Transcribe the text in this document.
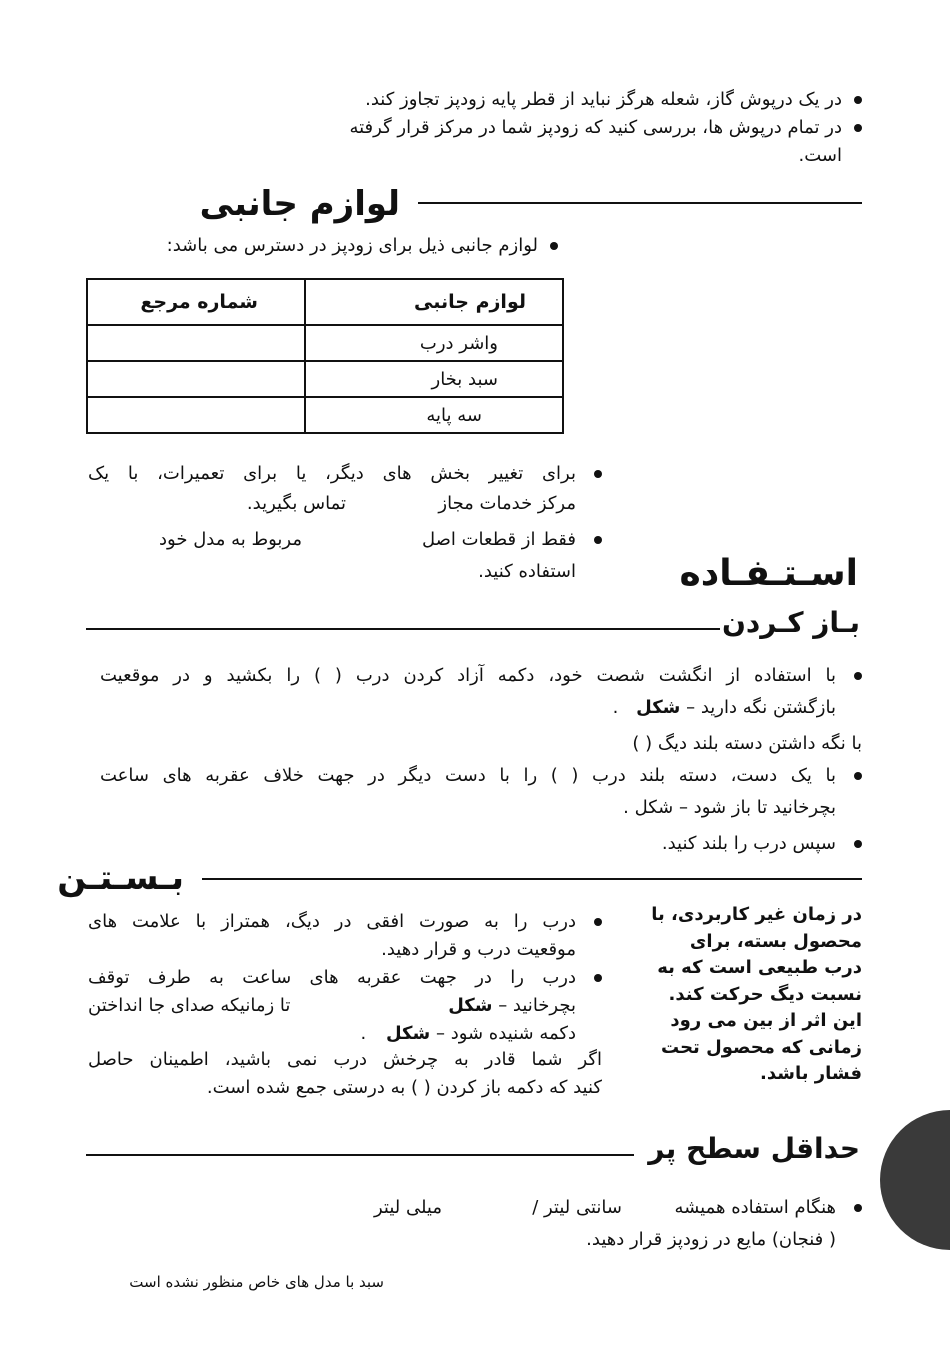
در یک درپوش گاز، شعله هرگز نباید از قطر پایه زودپز تجاوز کند.
در تمام درپوش ها، بررسی کنید که زودپز شما در مرکز قرار گرفته
است.
لوازم جانبی
لوازم جانبی ذیل برای زودپز در دسترس می باشد:
لوازم جانبی	شماره مرجع
واشر درب	
سبد بخار	
سه پایه	
برای تغییر بخش های دیگر، یا برای تعمیرات، با یک
مرکز خدمات مجاز
تماس بگیرید.
فقط از قطعات اصل
مربوط به مدل خود
استفاده کنید.	اسـتـفـاده
بـاز کـردن
با استفاده از انگشت شصت خود، دکمه آزاد کردن درب ( ) را بکشید و در موقعیت
بازگشتن نگه دارید – شکل .
با نگه داشتن دسته بلند دیگ ( )
با یک دست، دسته بلند درب ( ) را با دست دیگر در جهت خلاف عقربه های ساعت
بچرخانید تا باز شود – شکل .
سپس درب را بلند کنید.
بـسـتـن
درب را به صورت افقی در دیگ، همتراز با علامت های
موقعیت درب و قرار دهید.
درب را در جهت عقربه های ساعت به طرف توقف
بچرخانید – شکل
تا زمانیکه صدای جا انداختن
دکمه شنیده شود – شکل .
اگر شما قادر به چرخش درب نمی باشید، اطمینان حاصل
کنید که دکمه باز کردن ( ) به درستی جمع شده است.
در زمان غیر کاربردی، با
محصول بسته، برای
درب طبیعی است که به
نسبت دیگ حرکت کند.
این اثر از بین می رود
زمانی که محصول تحت
فشار باشد.
حداقل سطح پر
هنگام استفاده همیشه
سانتی لیتر /
میلی لیتر
( فنجان) مایع در زودپز قرار دهید.
سبد با مدل های خاص منظور نشده است
